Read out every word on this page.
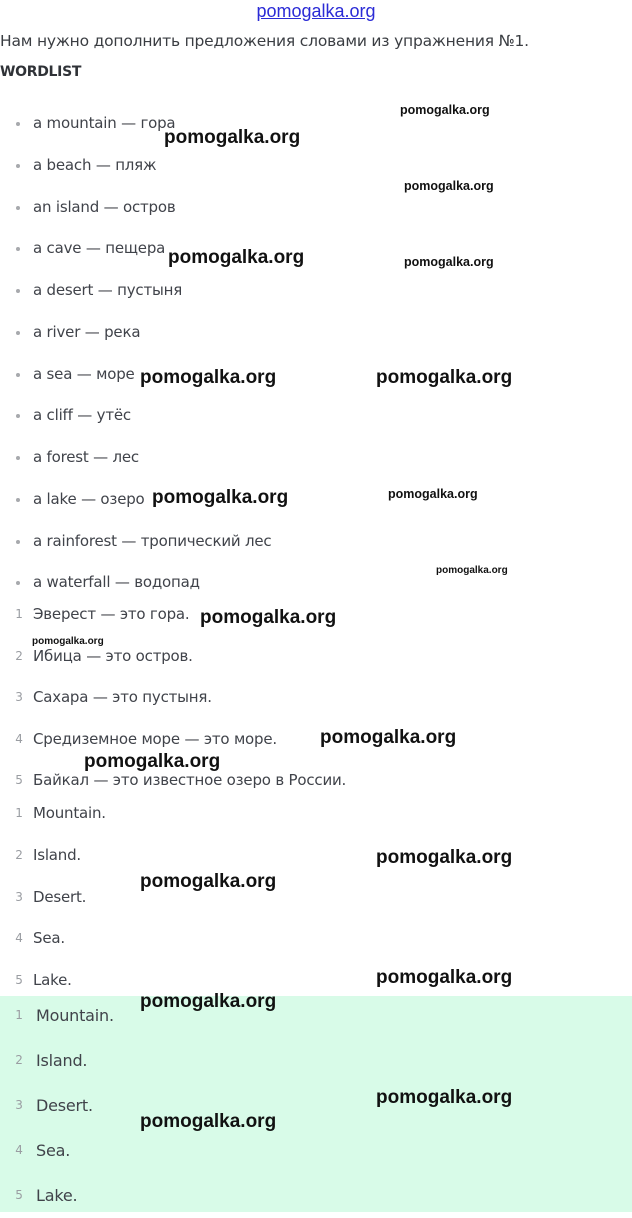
pomogalka.org

Нам нужно дополнить предложения словами из упражнения №1.

WORDLIST

a mountain — гора
a beach — пляж
an island — остров
a cave — пещера
a desert — пустыня
a river — река
a sea — море
a cliff — утёс
a forest — лес
a lake — озеро
a rainforest — тропический лес
a waterfall — водопад
1 Эверест — это гора.
2 Ибица — это остров.
3 Сахара — это пустыня.
4 Средиземное море — это море.
5 Байкал — это известное озеро в России.
1 Mountain.
2 Island.
3 Desert.
4 Sea.
5 Lake.
1 Mountain.
2 Island.
3 Desert.
4 Sea.
5 Lake.
pomogalka.org
pomogalka.org
pomogalka.org
pomogalka.org	pomogalka.org
pomogalka.org	pomogalka.org
pomogalka.org
pomogalka.org
pomogalka.org
pomogalka.org
pomogalka.org
pomogalka.org
pomogalka.org
pomogalka.org
pomogalka.org
pomogalka.org
pomogalka.org
pomogalka.org
pomogalka.org
